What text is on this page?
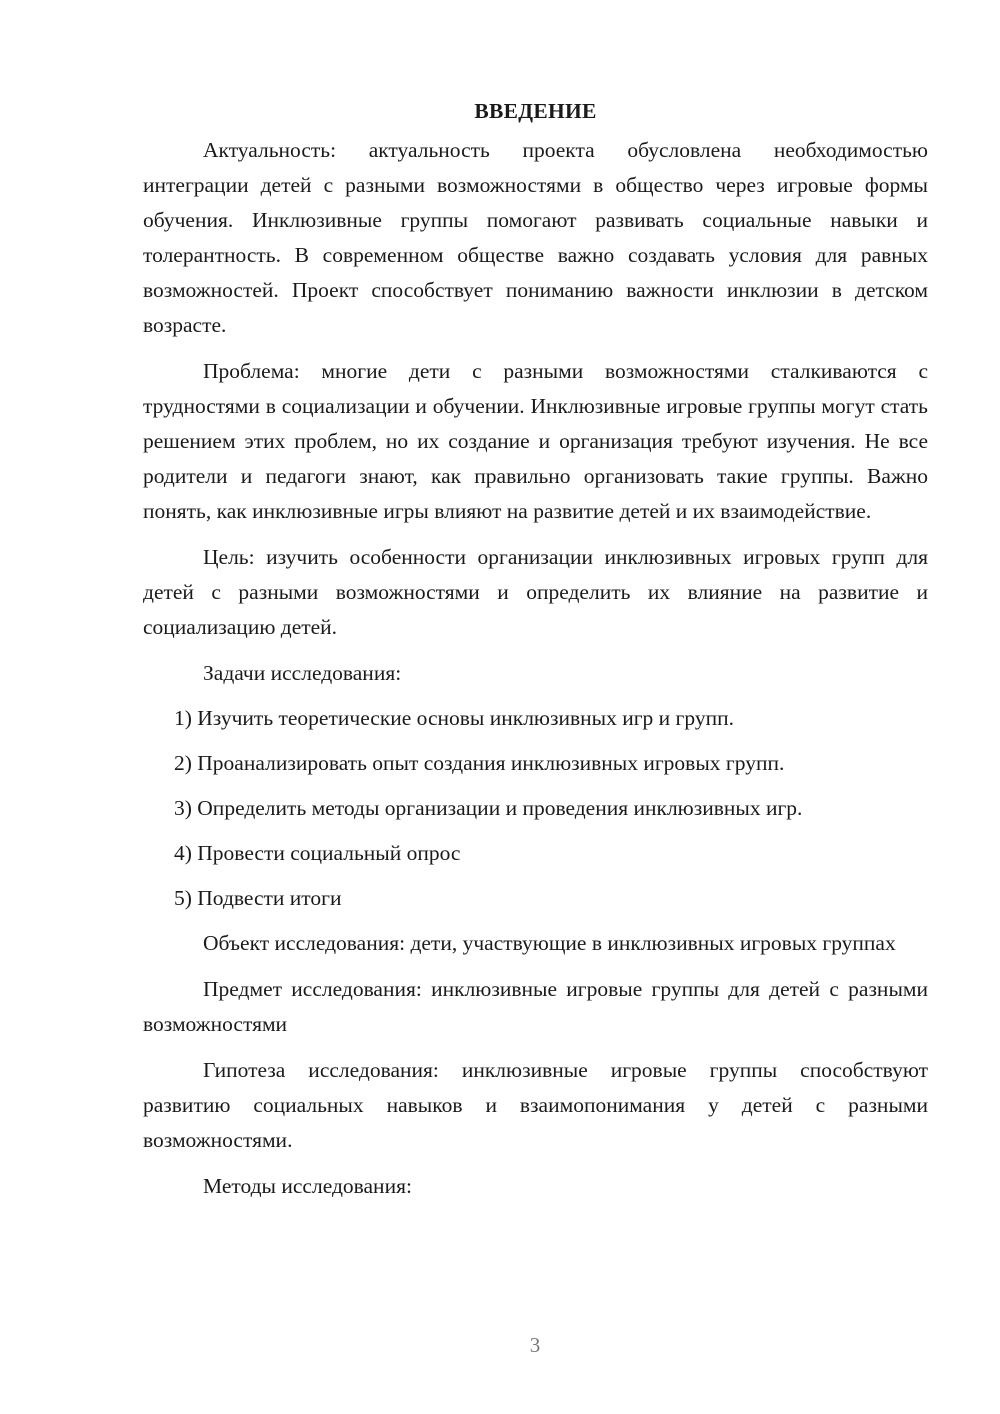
ВВЕДЕНИЕ

Актуальность: актуальность проекта обусловлена необходимостью интеграции детей с разными возможностями в общество через игровые формы обучения. Инклюзивные группы помогают развивать социальные навыки и толерантность. В современном обществе важно создавать условия для равных возможностей. Проект способствует пониманию важности инклюзии в детском возрасте.

Проблема: многие дети с разными возможностями сталкиваются с трудностями в социализации и обучении. Инклюзивные игровые группы могут стать решением этих проблем, но их создание и организация требуют изучения. Не все родители и педагоги знают, как правильно организовать такие группы. Важно понять, как инклюзивные игры влияют на развитие детей и их взаимодействие.

Цель: изучить особенности организации инклюзивных игровых групп для детей с разными возможностями и определить их влияние на развитие и социализацию детей.

Задачи исследования:

1) Изучить теоретические основы инклюзивных игр и групп.

2) Проанализировать опыт создания инклюзивных игровых групп.

3) Определить методы организации и проведения инклюзивных игр.

4) Провести социальный опрос

5) Подвести итоги

Объект исследования: дети, участвующие в инклюзивных игровых группах

Предмет исследования: инклюзивные игровые группы для детей с разными возможностями

Гипотеза исследования: инклюзивные игровые группы способствуют развитию социальных навыков и взаимопонимания у детей с разными возможностями.

Методы исследования:

3
